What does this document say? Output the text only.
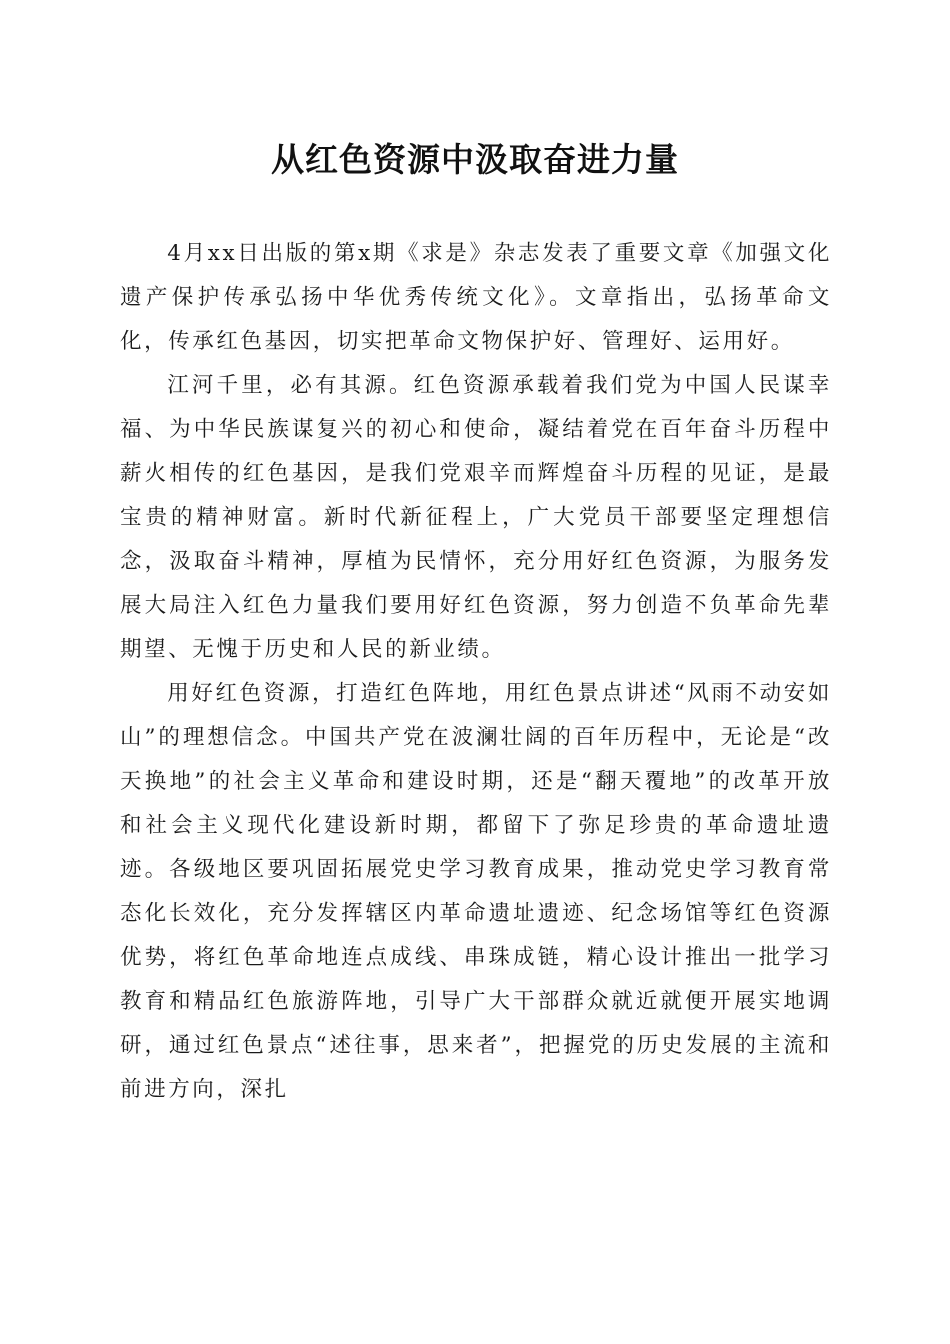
从红色资源中汲取奋进力量

4月xx日出版的第x期《求是》杂志发表了重要文章《加强文化遗产保护传承弘扬中华优秀传统文化》。文章指出，弘扬革命文化，传承红色基因，切实把革命文物保护好、管理好、运用好。

江河千里，必有其源。红色资源承载着我们党为中国人民谋幸福、为中华民族谋复兴的初心和使命，凝结着党在百年奋斗历程中薪火相传的红色基因，是我们党艰辛而辉煌奋斗历程的见证，是最宝贵的精神财富。新时代新征程上，广大党员干部要坚定理想信念，汲取奋斗精神，厚植为民情怀，充分用好红色资源，为服务发展大局注入红色力量我们要用好红色资源，努力创造不负革命先辈期望、无愧于历史和人民的新业绩。

用好红色资源，打造红色阵地，用红色景点讲述“风雨不动安如山”的理想信念。中国共产党在波澜壮阔的百年历程中，无论是“改天换地”的社会主义革命和建设时期，还是“翻天覆地”的改革开放和社会主义现代化建设新时期，都留下了弥足珍贵的革命遗址遗迹。各级地区要巩固拓展党史学习教育成果，推动党史学习教育常态化长效化，充分发挥辖区内革命遗址遗迹、纪念场馆等红色资源优势，将红色革命地连点成线、串珠成链，精心设计推出一批学习教育和精品红色旅游阵地，引导广大干部群众就近就便开展实地调研，通过红色景点“述往事，思来者”，把握党的历史发展的主流和前进方向，深扎
